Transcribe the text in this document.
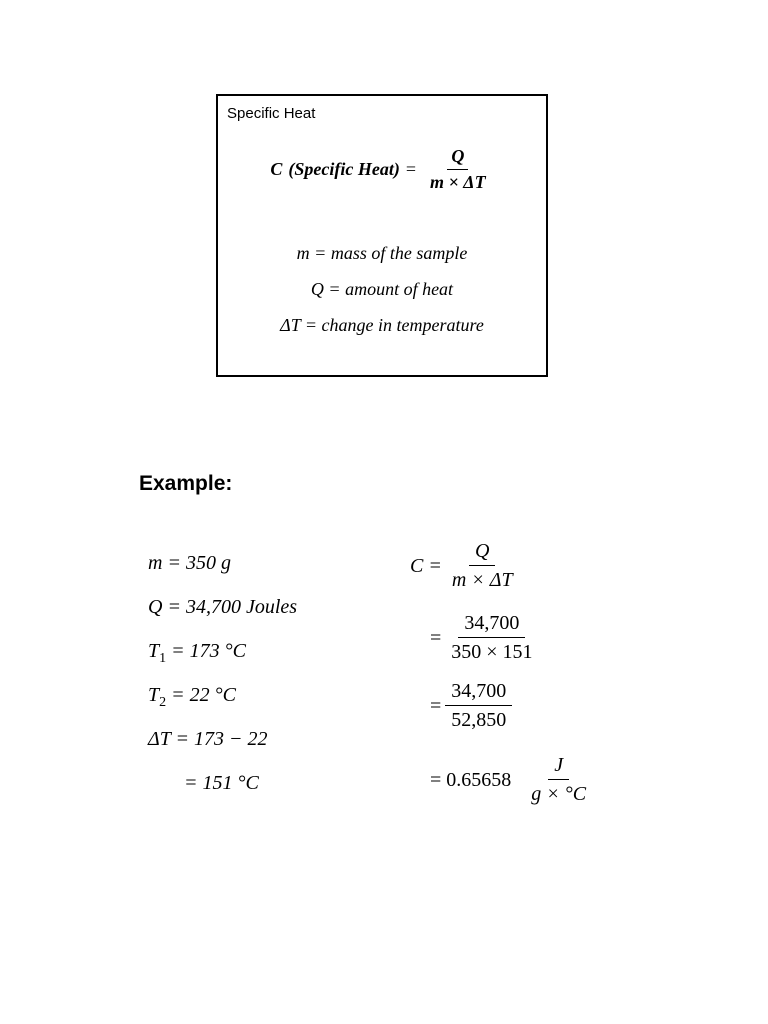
Specific Heat
C (Specific Heat) = $\frac{Q}{m \times \Delta T}$
m = mass of the sample
Q = amount of heat
ΔT = change in temperature
Example:
m = 350 g
Q = 34,700 Joules
$T_1 = 173$ °C
$T_2 = 22$ °C
ΔT = 173 − 22
= 151 °C
$C = \frac{Q}{m \times \Delta T}$
= $\frac{34,700}{350 \times 151}$
= $\frac{34,700}{52,850}$
= $0.65658 \frac{J}{g \times ^\circ C}$
